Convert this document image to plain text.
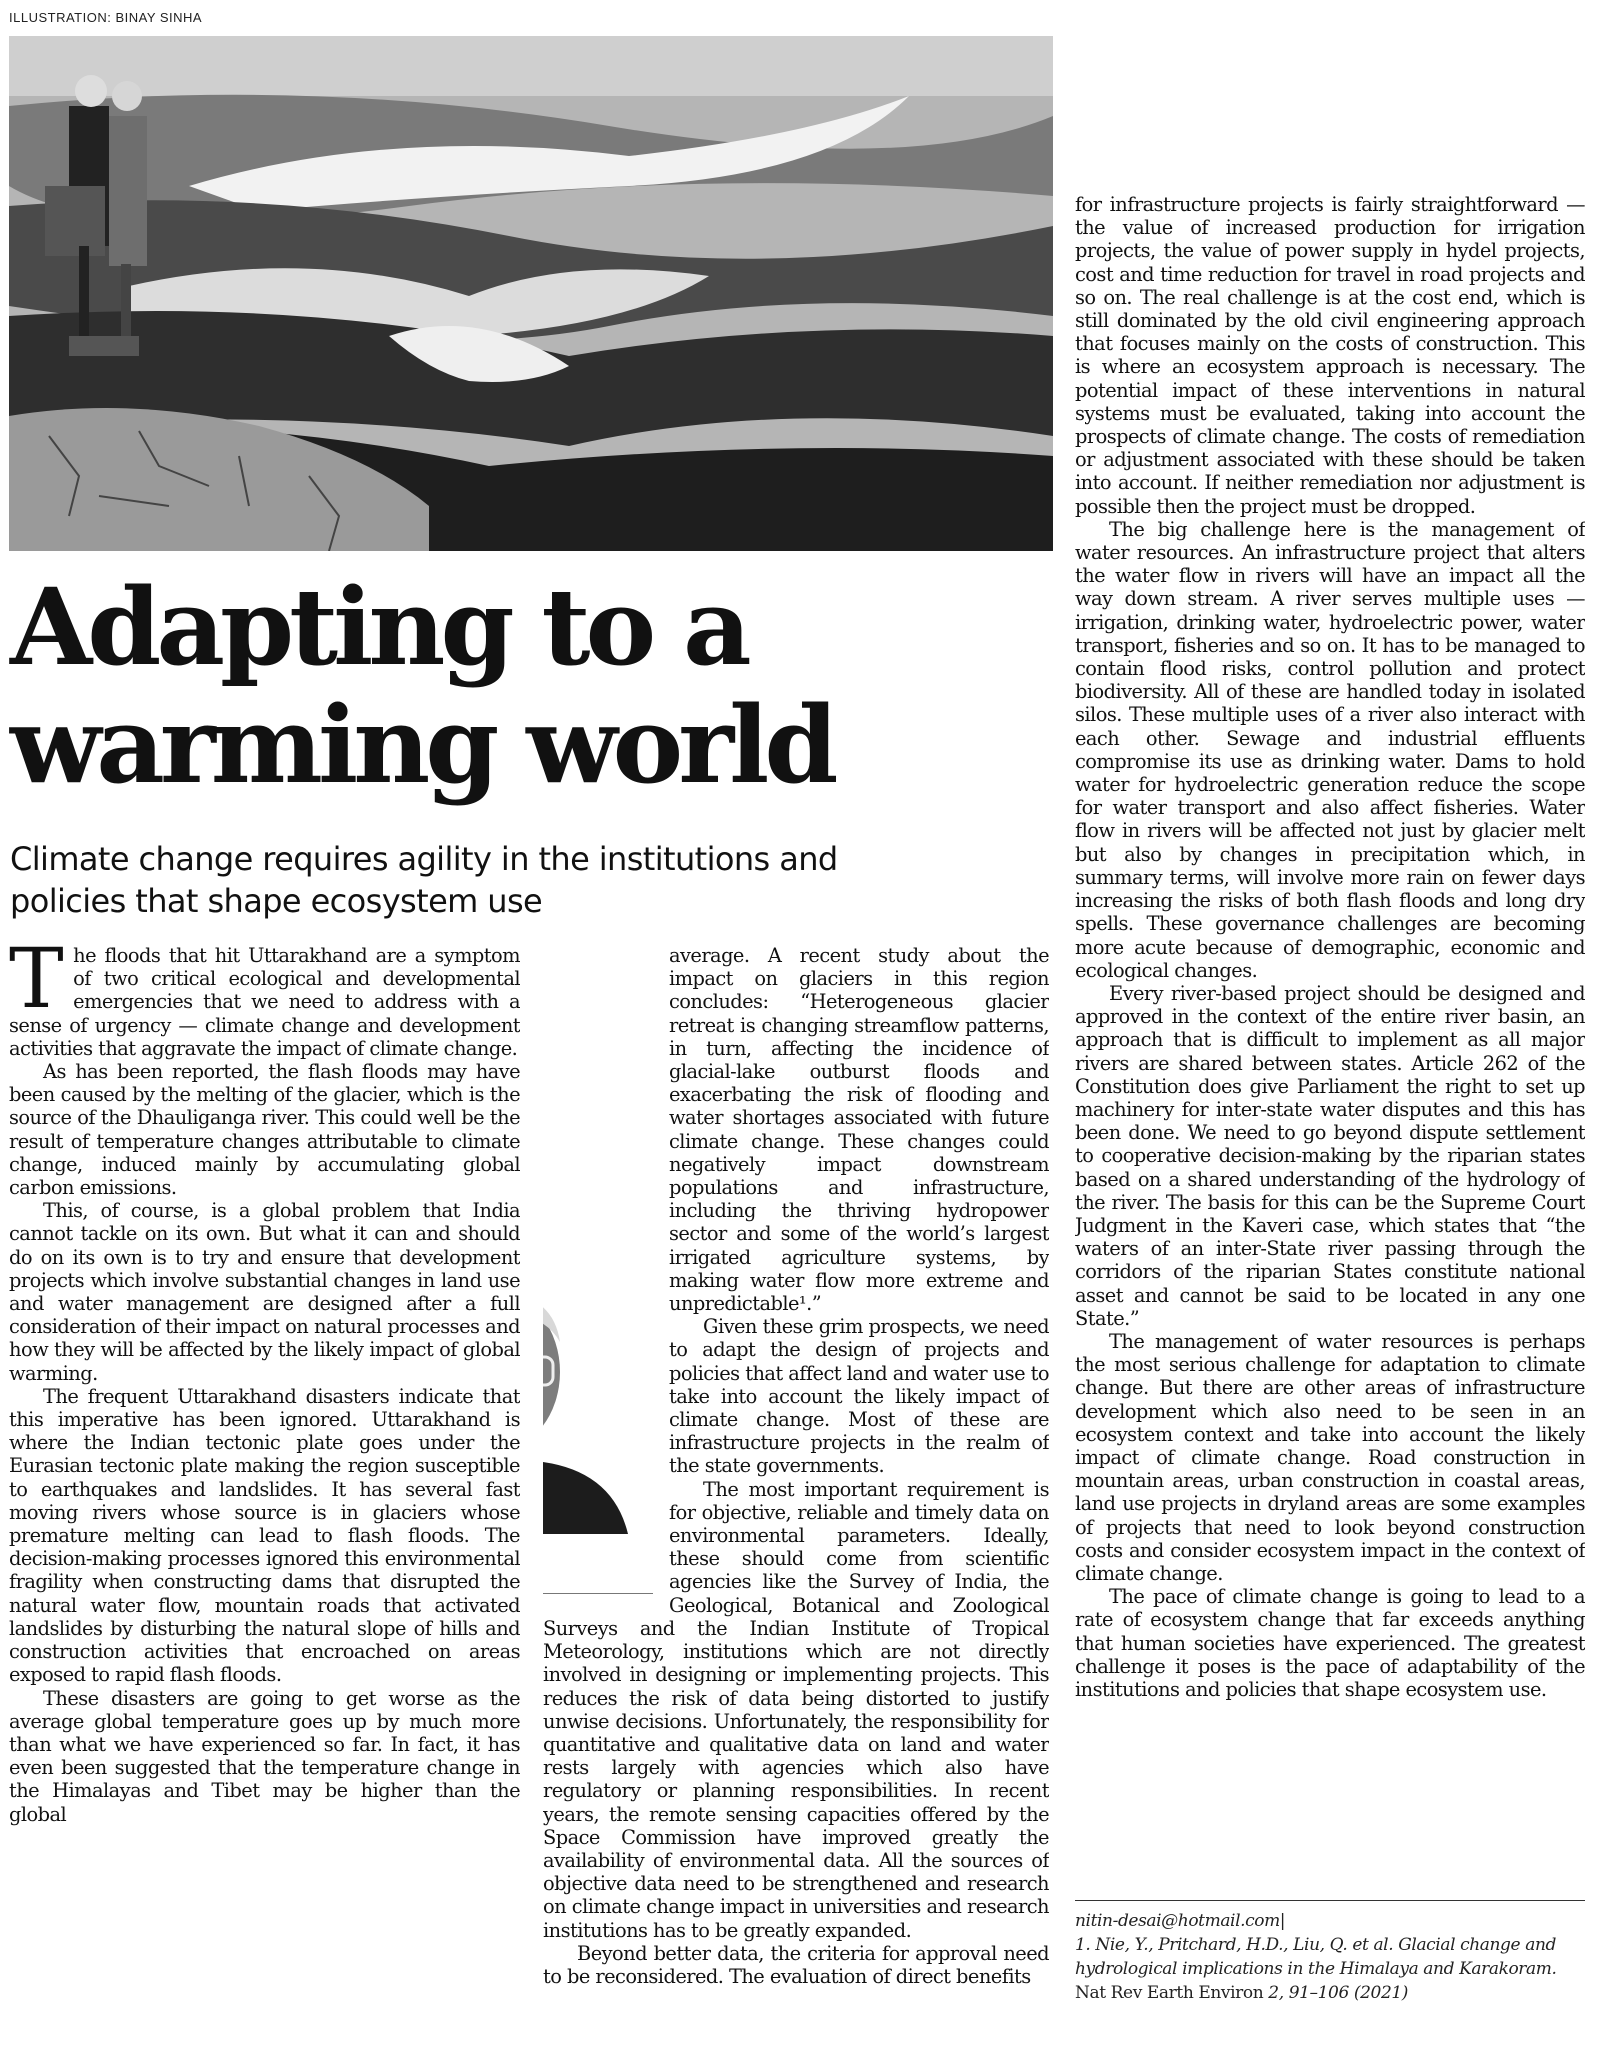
ILLUSTRATION: BINAY SINHA
Adapting to a
warming world
Climate change requires agility in the institutions and
policies that shape ecosystem use

The floods that hit Uttarakhand are a symptom of two critical ecological and developmental emergencies that we need to address with a sense of urgency — climate change and development activities that aggravate the impact of climate change.

As has been reported, the flash floods may have been caused by the melting of the glacier, which is the source of the Dhauliganga river. This could well be the result of temperature changes attributable to climate change, induced mainly by accumulating global carbon emissions.

This, of course, is a global problem that India cannot tackle on its own. But what it can and should do on its own is to try and ensure that development projects which involve substantial changes in land use and water management are designed after a full consideration of their impact on natural processes and how they will be affected by the likely impact of global warming.

The frequent Uttarakhand disasters indicate that this imperative has been ignored. Uttarakhand is where the Indian tectonic plate goes under the Eurasian tectonic plate making the region susceptible to earthquakes and landslides. It has several fast moving rivers whose source is in glaciers whose premature melting can lead to flash floods. The decision-making processes ignored this environmental fragility when constructing dams that disrupted the natural water flow, mountain roads that activated landslides by disturbing the natural slope of hills and construction activities that encroached on areas exposed to rapid flash floods.

These disasters are going to get worse as the average global temperature goes up by much more than what we have experienced so far. In fact, it has even been suggested that the temperature change in the Himalayas and Tibet may be higher than the global

average. A recent study about the impact on glaciers in this region concludes: “Heterogeneous glacier retreat is changing streamflow patterns, in turn, affecting the incidence of glacial-lake outburst floods and exacerbating the risk of flooding and water shortages associated with future climate change. These changes could negatively impact downstream populations and infrastructure, including the thriving hydropower sector and some of the world’s largest irrigated agriculture systems, by making water flow more extreme and unpredictable¹.”

Given these grim prospects, we need to adapt the design of projects and policies that affect land and water use to take into account the likely impact of climate change. Most of these are infrastructure projects in the realm of the state governments.

The most important requirement is for objective, reliable and timely data on environmental parameters. Ideally, these should come from scientific agencies like the Survey of India, the Geological, Botanical and Zoological Surveys and the Indian Institute of Tropical Meteorology, institutions which are not directly involved in designing or implementing projects. This reduces the risk of data being distorted to justify unwise decisions. Unfortunately, the responsibility for quantitative and qualitative data on land and water rests largely with agencies which also have regulatory or planning responsibilities. In recent years, the remote sensing capacities offered by the Space Commission have improved greatly the availability of environmental data. All the sources of objective data need to be strengthened and research on climate change impact in universities and research institutions has to be greatly expanded.

Beyond better data, the criteria for approval need to be reconsidered. The evaluation of direct benefits

for infrastructure projects is fairly straightforward — the value of increased production for irrigation projects, the value of power supply in hydel projects, cost and time reduction for travel in road projects and so on. The real challenge is at the cost end, which is still dominated by the old civil engineering approach that focuses mainly on the costs of construction. This is where an ecosystem approach is necessary. The potential impact of these interventions in natural systems must be evaluated, taking into account the prospects of climate change. The costs of remediation or adjustment associated with these should be taken into account. If neither remediation nor adjustment is possible then the project must be dropped.

The big challenge here is the management of water resources. An infrastructure project that alters the water flow in rivers will have an impact all the way down stream. A river serves multiple uses — irrigation, drinking water, hydroelectric power, water transport, fisheries and so on. It has to be managed to contain flood risks, control pollution and protect biodiversity. All of these are handled today in isolated silos. These multiple uses of a river also interact with each other. Sewage and industrial effluents compromise its use as drinking water. Dams to hold water for hydroelectric generation reduce the scope for water transport and also affect fisheries. Water flow in rivers will be affected not just by glacier melt but also by changes in precipitation which, in summary terms, will involve more rain on fewer days increasing the risks of both flash floods and long dry spells. These governance challenges are becoming more acute because of demographic, economic and ecological changes.

Every river-based project should be designed and approved in the context of the entire river basin, an approach that is difficult to implement as all major rivers are shared between states. Article 262 of the Constitution does give Parliament the right to set up machinery for inter-state water disputes and this has been done. We need to go beyond dispute settlement to cooperative decision-making by the riparian states based on a shared understanding of the hydrology of the river. The basis for this can be the Supreme Court Judgment in the Kaveri case, which states that “the waters of an inter-State river passing through the corridors of the riparian States constitute national asset and cannot be said to be located in any one State.”

The management of water resources is perhaps the most serious challenge for adaptation to climate change. But there are other areas of infrastructure development which also need to be seen in an ecosystem context and take into account the likely impact of climate change. Road construction in mountain areas, urban construction in coastal areas, land use projects in dryland areas are some examples of projects that need to look beyond construction costs and consider ecosystem impact in the context of climate change.

The pace of climate change is going to lead to a rate of ecosystem change that far exceeds anything that human societies have experienced. The greatest challenge it poses is the pace of adaptability of the institutions and policies that shape ecosystem use.

nitin-desai@hotmail.com|
1. Nie, Y., Pritchard, H.D., Liu, Q. et al. Glacial change and hydrological implications in the Himalaya and Karakoram. Nat Rev Earth Environ 2, 91–106 (2021)
